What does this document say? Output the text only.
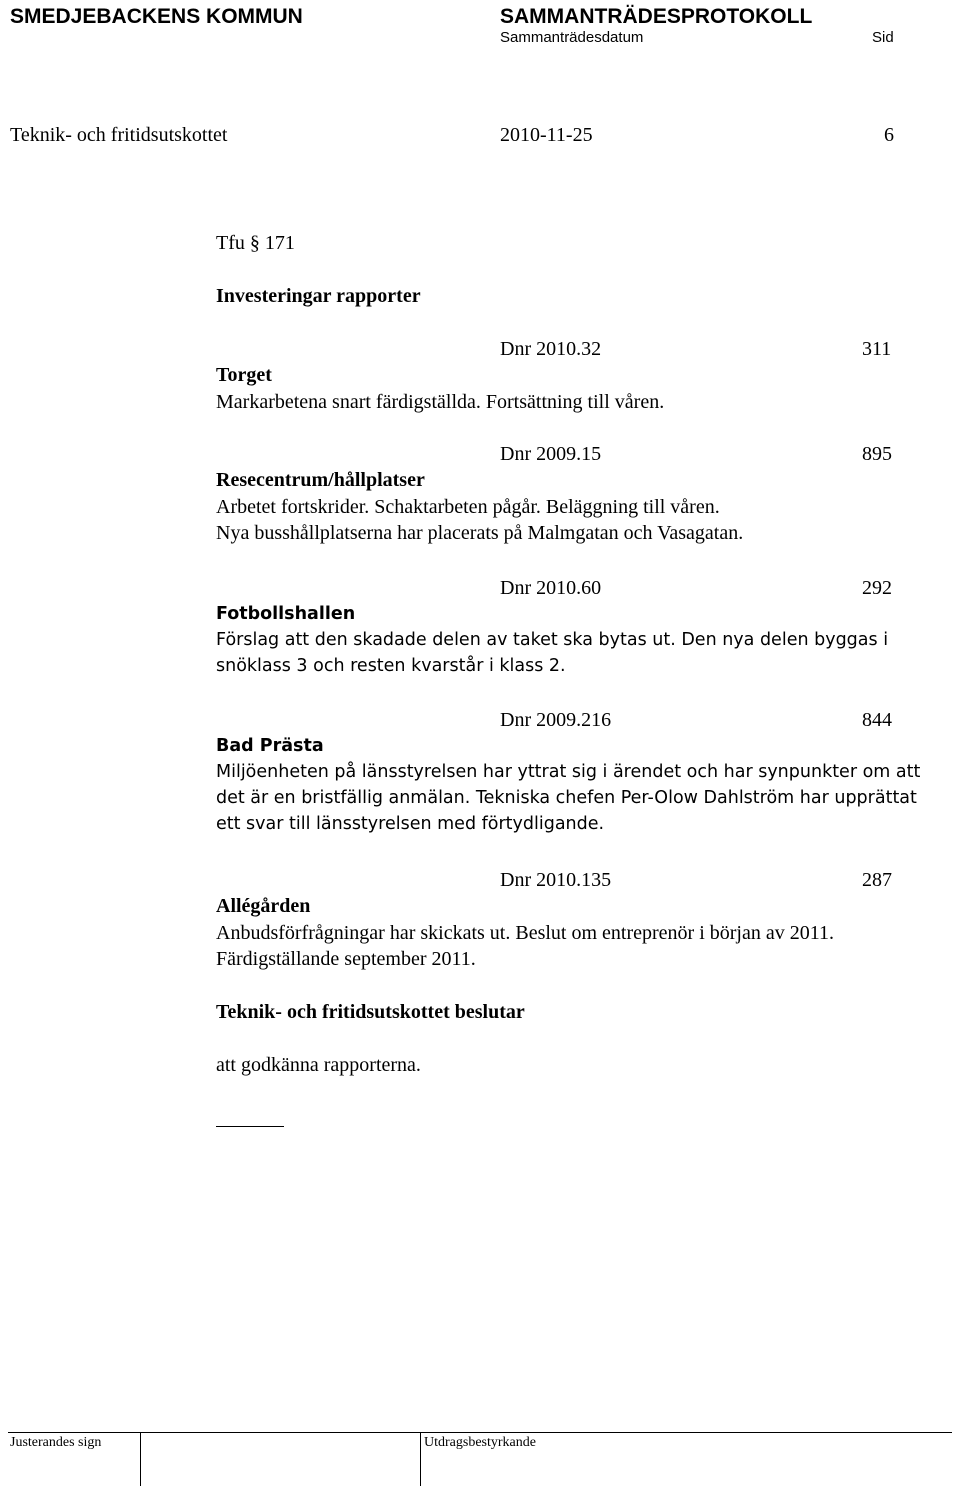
SMEDJEBACKENS KOMMUN	SAMMANTRÄDESPROTOKOLL
Sammanträdesdatum	Sid
Teknik- och fritidsutskottet	2010-11-25	6
Tfu § 171
Investeringar rapporter
Dnr 2010.32	311
Torget
Markarbetena snart färdigställda. Fortsättning till våren.
Dnr 2009.15	895
Resecentrum/hållplatser
Arbetet fortskrider. Schaktarbeten pågår. Beläggning till våren.
Nya busshållplatserna har placerats på Malmgatan och Vasagatan.
Dnr 2010.60	292
Fotbollshallen
Förslag att den skadade delen av taket ska bytas ut. Den nya delen byggas i
snöklass 3 och resten kvarstår i klass 2.
Dnr 2009.216	844
Bad Prästa
Miljöenheten på länsstyrelsen har yttrat sig i ärendet och har synpunkter om att
det är en bristfällig anmälan. Tekniska chefen Per-Olow Dahlström har upprättat
ett svar till länsstyrelsen med förtydligande.
Dnr 2010.135	287
Allégården
Anbudsförfrågningar har skickats ut. Beslut om entreprenör i början av 2011.
Färdigställande september 2011.
Teknik- och fritidsutskottet beslutar
att godkänna rapporterna.
Justerandes sign	Utdragsbestyrkande
